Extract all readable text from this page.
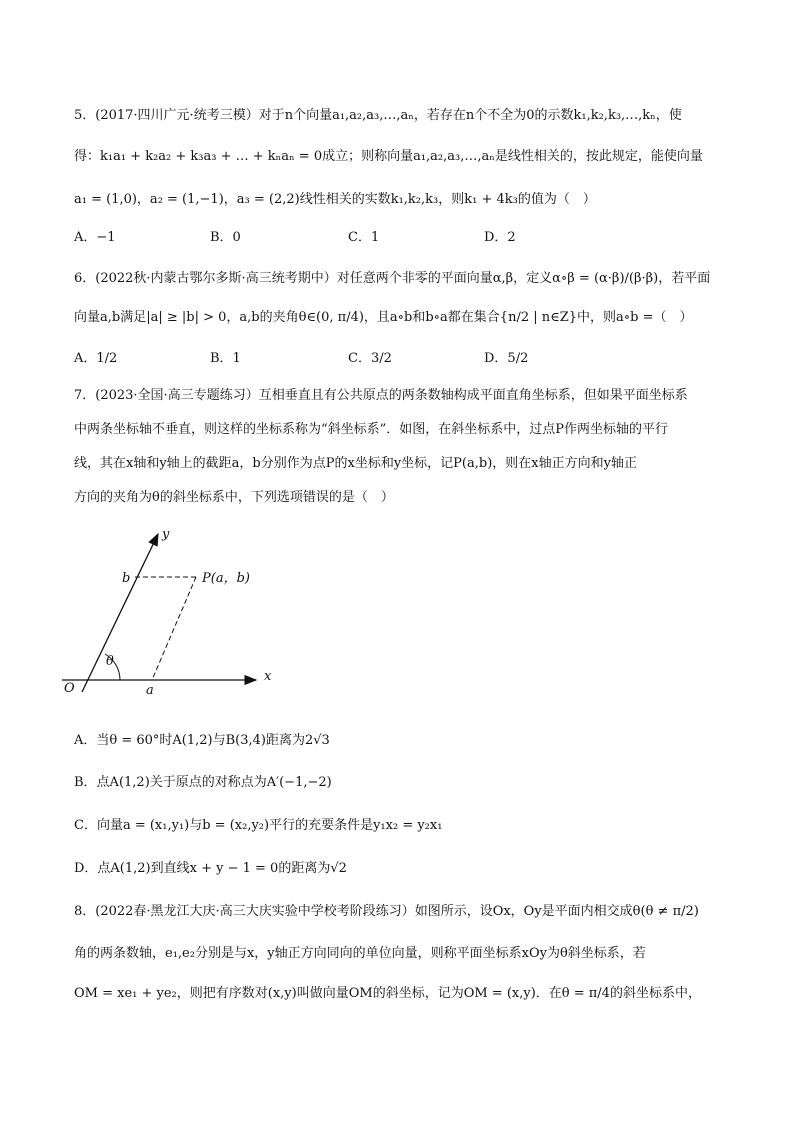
5．(2017·四川广元·统考三模）对于n个向量a₁,a₂,a₃,…,aₙ，若存在n个不全为0的示数k₁,k₂,k₃,…,kₙ，使
得：k₁a₁ + k₂a₂ + k₃a₃ + … + kₙaₙ = 0成立；则称向量a₁,a₂,a₃,…,aₙ是线性相关的，按此规定，能使向量
a₁ = (1,0)，a₂ = (1,−1)，a₃ = (2,2)线性相关的实数k₁,k₂,k₃，则k₁ + 4k₃的值为（　）
A．−1	B．0	C．1	D．2
6．(2022秋·内蒙古鄂尔多斯·高三统考期中）对任意两个非零的平面向量α,β，定义α∘β = (α·β)/(β·β)，若平面
向量a,b满足|a| ≥ |b| > 0，a,b的夹角θ∈(0, π/4)，且a∘b和b∘a都在集合{n/2 | n∈Z}中，则a∘b =（　）
A．1/2	B．1	C．3/2	D．5/2
7．(2023·全国·高三专题练习）互相垂直且有公共原点的两条数轴构成平面直角坐标系，但如果平面坐标系
中两条坐标轴不垂直，则这样的坐标系称为“斜坐标系”．如图，在斜坐标系中，过点P作两坐标轴的平行
线，其在x轴和y轴上的截距a，b分别作为点P的x坐标和y坐标，记P(a,b)，则在x轴正方向和y轴正
方向的夹角为θ的斜坐标系中，下列选项错误的是（　）
y
x
O
θ
a
b	P(a，b)
A．当θ = 60°时A(1,2)与B(3,4)距离为2√3
B．点A(1,2)关于原点的对称点为A′(−1,−2)
C．向量a = (x₁,y₁)与b = (x₂,y₂)平行的充要条件是y₁x₂ = y₂x₁
D．点A(1,2)到直线x + y − 1 = 0的距离为√2
8．(2022春·黑龙江大庆·高三大庆实验中学校考阶段练习）如图所示，设Ox，Oy是平面内相交成θ(θ ≠ π/2)
角的两条数轴，e₁,e₂分别是与x，y轴正方向同向的单位向量，则称平面坐标系xOy为θ斜坐标系，若
OM = xe₁ + ye₂，则把有序数对(x,y)叫做向量OM的斜坐标，记为OM = (x,y)．在θ = π/4的斜坐标系中，
